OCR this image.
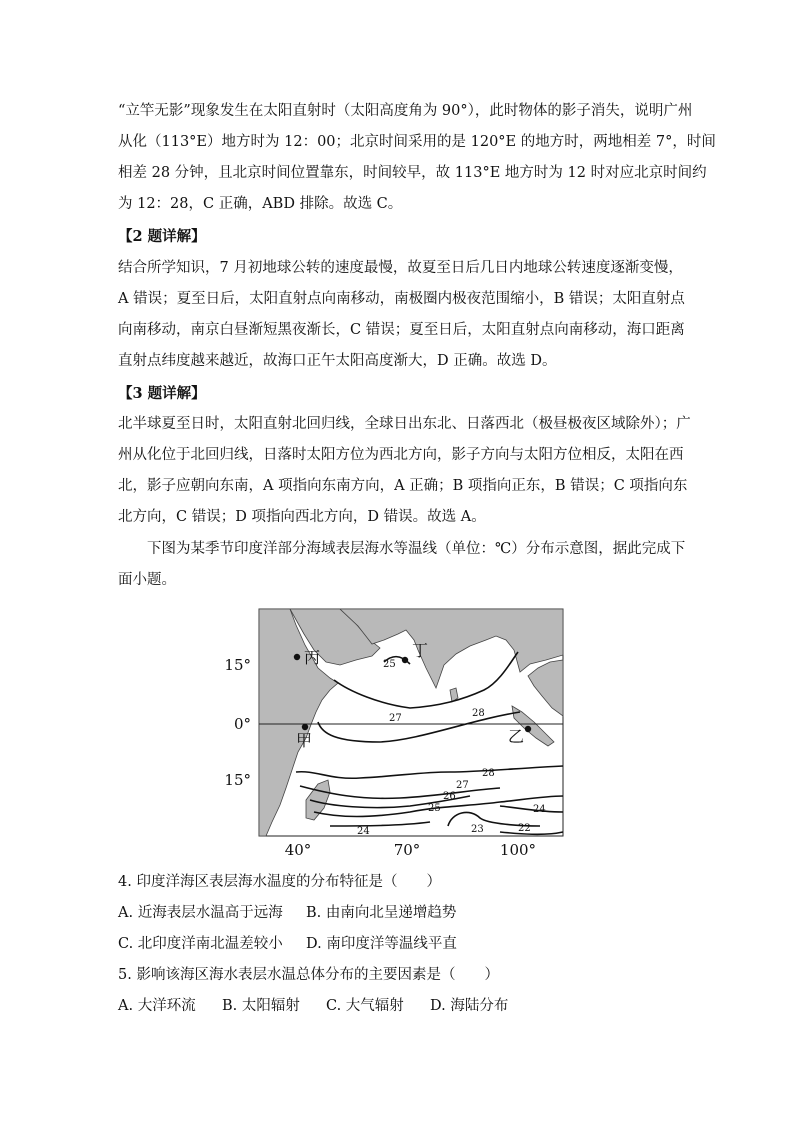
“立竿无影”现象发生在太阳直射时（太阳高度角为 90°），此时物体的影子消失，说明广州
从化（113°E）地方时为 12：00；北京时间采用的是 120°E 的地方时，两地相差 7°，时间
相差 28 分钟，且北京时间位置靠东，时间较早，故 113°E 地方时为 12 时对应北京时间约
为 12：28，C 正确，ABD 排除。故选 C。
【2 题详解】
结合所学知识，7 月初地球公转的速度最慢，故夏至日后几日内地球公转速度逐渐变慢，
A 错误；夏至日后，太阳直射点向南移动，南极圈内极夜范围缩小，B 错误；太阳直射点
向南移动，南京白昼渐短黑夜渐长，C 错误；夏至日后，太阳直射点向南移动，海口距离
直射点纬度越来越近，故海口正午太阳高度渐大，D 正确。故选 D。
【3 题详解】
北半球夏至日时，太阳直射北回归线，全球日出东北、日落西北（极昼极夜区域除外）；广
州从化位于北回归线，日落时太阳方位为西北方向，影子方向与太阳方位相反，太阳在西
北，影子应朝向东南，A 项指向东南方向，A 正确；B 项指向正东，B 错误；C 项指向东
北方向，C 错误；D 项指向西北方向，D 错误。故选 A。
　　下图为某季节印度洋部分海域表层海水等温线（单位：℃）分布示意图，据此完成下
面小题。
丙	丁
甲	乙
25
27	28
28
27
26
25	24
24	23	22
15°
0°
15°
40°	70°	100°
4. 印度洋海区表层海水温度的分布特征是（　　）
A. 近海表层水温高于远海 B. 由南向北呈递增趋势
C. 北印度洋南北温差较小 D. 南印度洋等温线平直
5. 影响该海区海水表层水温总体分布的主要因素是（　　）
A. 大洋环流 B. 太阳辐射 C. 大气辐射 D. 海陆分布
